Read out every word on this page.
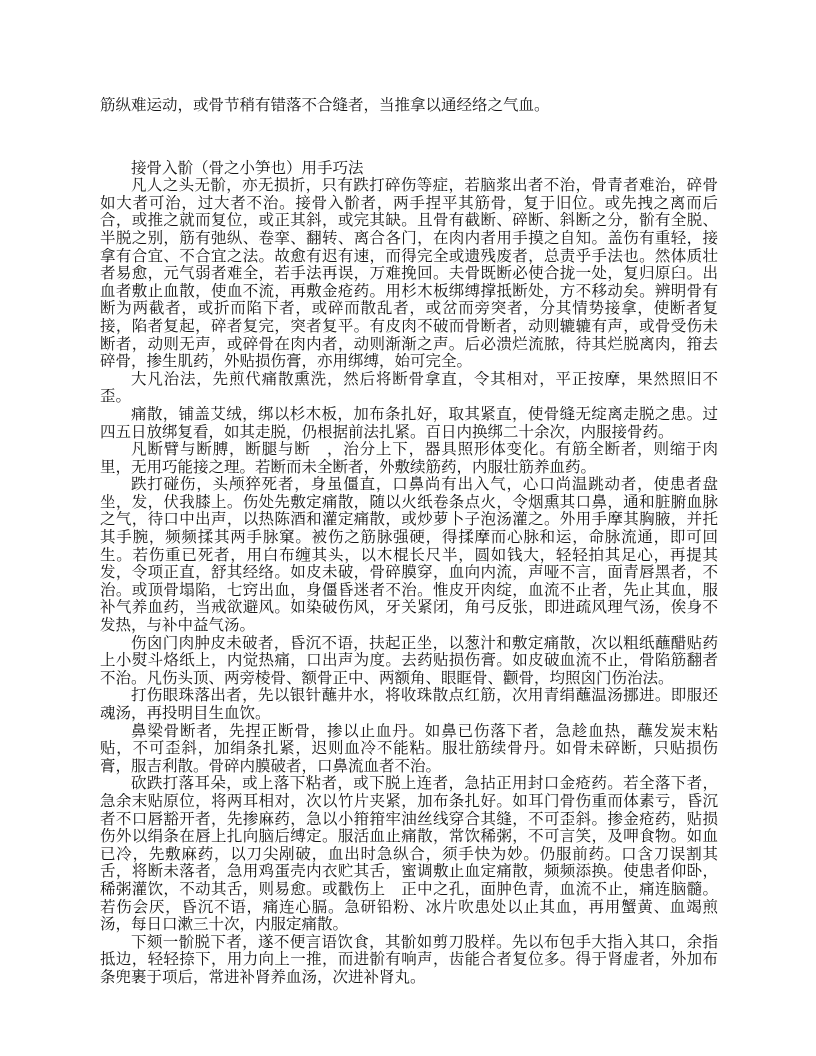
筋纵难运动，或骨节稍有错落不合缝者，当推拿以通经络之气血。

接骨入骱（骨之小笋也）用手巧法

凡人之头无骱，亦无损折，只有跌打碎伤等症，若脑浆出者不治，骨青者难治，碎骨如大者可治，过大者不治。接骨入骱者，两手捏平其筋骨，复于旧位。或先拽之离而后合，或推之就而复位，或正其斜，或完其缺。且骨有截断、碎断、斜断之分，骱有全脱、半脱之别，筋有弛纵、卷挛、翻转、离合各门，在肉内者用手摸之自知。盖伤有重轻，接拿有合宜、不合宜之法。故愈有迟有速，而得完全或遗残废者，总责乎手法也。然体质壮者易愈，元气弱者难全，若手法再误，万难挽回。夫骨既断必使合拢一处，复归原臼。出血者敷止血散，使血不流，再敷金疮药。用杉木板绑缚撑抵断处，方不移动矣。辨明骨有断为两截者，或折而陷下者，或碎而散乱者，或岔而旁突者，分其情势接拿，使断者复接，陷者复起，碎者复完，突者复平。有皮肉不破而骨断者，动则辘辘有声，或骨受伤未断者，动则无声，或碎骨在肉内者，动则渐渐之声。后必溃烂流脓，待其烂脱离肉，箝去碎骨，掺生肌药，外贴损伤膏，亦用绑缚，始可完全。

大凡治法，先煎代痛散熏洗，然后将断骨拿直，令其相对，平正按摩，果然照旧不歪。

痛散，铺盖艾绒，绑以杉木板，加布条扎好，取其紧直，使骨缝无绽离走脱之患。过四五日放绑复看，如其走脱，仍根据前法扎紧。百日内换绑二十余次，内服接骨药。

凡断臂与断膊，断腿与断　，治分上下，器具照形体变化。有筋全断者，则缩于肉里，无用巧能接之理。若断而未全断者，外敷续筋药，内服壮筋养血药。

跌打碰伤，头颅猝死者，身虽僵直，口鼻尚有出入气，心口尚温跳动者，使患者盘坐，发，伏我膝上。伤处先敷定痛散，随以火纸卷条点火，令烟熏其口鼻，通和脏腑血脉之气，待口中出声，以热陈酒和灌定痛散，或炒萝卜子泡汤灌之。外用手摩其胸腋，并托其手腕，频频揉其两手脉窠。被伤之筋脉强硬，得揉摩而心脉和运，命脉流通，即可回生。若伤重已死者，用白布缠其头，以木棍长尺半，圆如钱大，轻轻拍其足心，再提其发，令项正直，舒其经络。如皮未破，骨碎膜穿，血向内流，声哑不言，面青唇黑者，不治。或顶骨塌陷，七窍出血，身僵昏迷者不治。惟皮开肉绽，血流不止者，先止其血，服补气养血药，当戒欲避风。如染破伤风，牙关紧闭，角弓反张，即进疏风理气汤，俟身不发热，与补中益气汤。

伤囟门肉肿皮未破者，昏沉不语，扶起正坐，以葱汁和敷定痛散，次以粗纸蘸醋贴药上小熨斗烙纸上，内觉热痛，口出声为度。去药贴损伤膏。如皮破血流不止，骨陷筋翻者不治。凡伤头顶、两旁棱骨、额骨正中、两额角、眼眶骨、颧骨，均照囟门伤治法。

打伤眼珠落出者，先以银针蘸井水，将收珠散点红筋，次用青绢蘸温汤挪进。即服还魂汤，再投明目生血饮。

鼻梁骨断者，先捏正断骨，掺以止血丹。如鼻已伤落下者，急趁血热，蘸发炭末粘贴，不可歪斜，加绢条扎紧，迟则血冷不能粘。服壮筋续骨丹。如骨未碎断，只贴损伤膏，服吉利散。骨碎内膜破者，口鼻流血者不治。

砍跌打落耳朵，或上落下粘者，或下脱上连者，急拈正用封口金疮药。若全落下者，急余末贴原位，将两耳相对，次以竹片夹紧，加布条扎好。如耳门骨伤重而体素亏，昏沉者不口唇豁开者，先掺麻药，急以小箝箝牢油丝线穿合其缝，不可歪斜。掺金疮药，贴损伤外以绢条在唇上扎向脑后缚定。服活血止痛散，常饮稀粥，不可言笑，及呷食物。如血已冷，先敷麻药，以刀尖剐破，血出时急纵合，须手快为妙。仍服前药。口含刀误割其舌，将断未落者，急用鸡蛋壳内衣贮其舌，蜜调敷止血定痛散，频频添换。使患者仰卧，稀粥灌饮，不动其舌，则易愈。或戳伤上　正中之孔，面肿色青，血流不止，痛连脑髓。若伤会厌，昏沉不语，痛连心膈。急研铅粉、冰片吹患处以止其血，再用蟹黄、血竭煎汤，每日口漱三十次，内服定痛散。

下颏一骱脱下者，遂不便言语饮食，其骱如剪刀股样。先以布包手大指入其口，余指抵边，轻轻捺下，用力向上一推，而进骱有响声，齿能合者复位多。得于肾虚者，外加布条兜裹于项后，常进补肾养血汤，次进补肾丸。
